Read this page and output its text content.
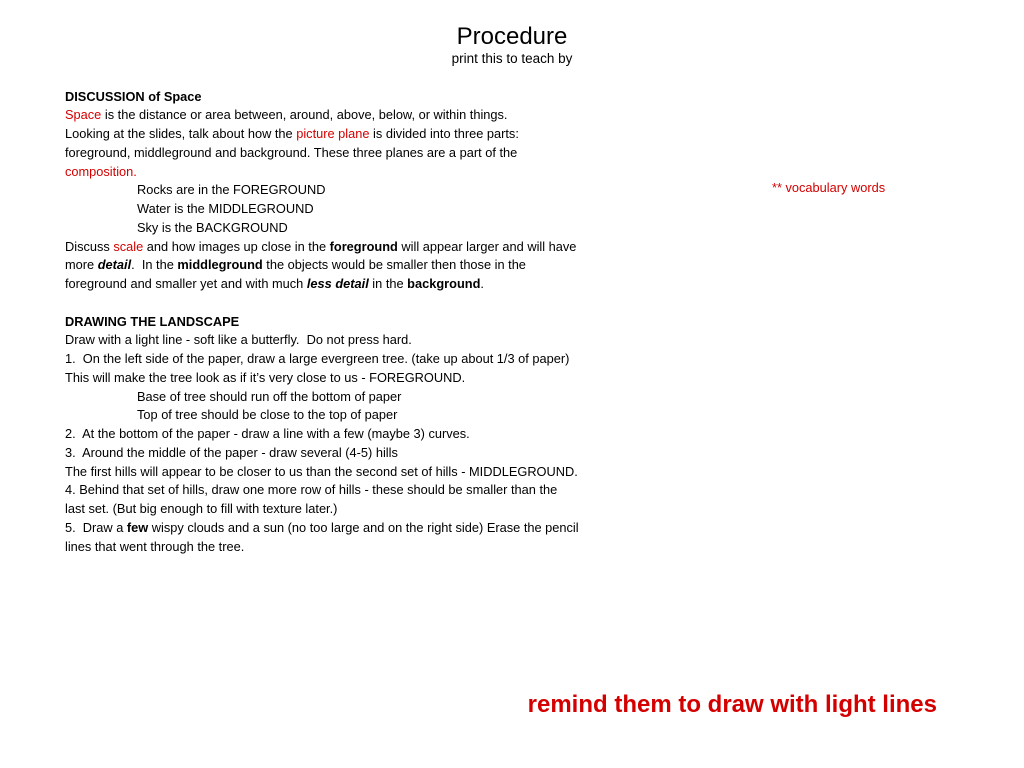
Procedure
print this to teach by
DISCUSSION of Space
Space is the distance or area between, around, above, below, or within things.
Looking at the slides, talk about how the picture plane is divided into three parts:
foreground, middleground and background. These three planes are a part of the
composition.
Rocks are in the FOREGROUND
Water is the MIDDLEGROUND
Sky is the BACKGROUND
Discuss scale and how images up close in the foreground will appear larger and will have
more detail.  In the middleground the objects would be smaller then those in the
foreground and smaller yet and with much less detail in the background.
DRAWING THE LANDSCAPE
Draw with a light line - soft like a butterfly.  Do not press hard.
1.  On the left side of the paper, draw a large evergreen tree. (take up about 1/3 of paper)
This will make the tree look as if it’s very close to us - FOREGROUND.
Base of tree should run off the bottom of paper
Top of tree should be close to the top of paper
2.  At the bottom of the paper - draw a line with a few (maybe 3) curves.
3.  Around the middle of the paper - draw several (4-5) hills
The first hills will appear to be closer to us than the second set of hills - MIDDLEGROUND.
4. Behind that set of hills, draw one more row of hills - these should be smaller than the
last set. (But big enough to fill with texture later.)
5.  Draw a few wispy clouds and a sun (no too large and on the right side) Erase the pencil
lines that went through the tree.
** vocabulary words
remind them to draw with light lines
